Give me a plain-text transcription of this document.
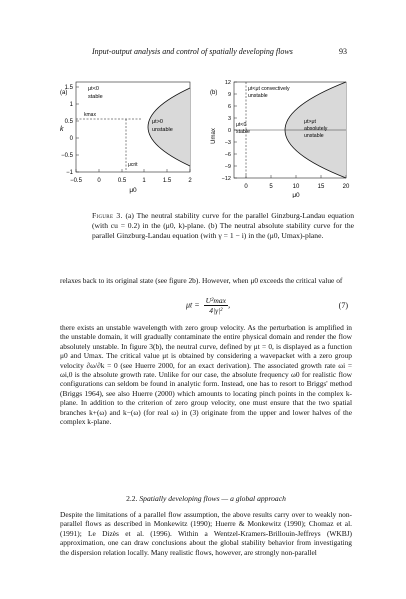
Input-output analysis and control of spatially developing flows	93
−0.5	0	0.5	1	1.5	2
1.5
1
0.5
0
−0.5
−1
(a)
k
μ0
μt<0
stable
μt>0
unstable
kmax
μcrit
0	5	10	15	20
12
9
6
3
0
−3
−6
−9
−12
(b)
Umax
μ0
μt<μt convectively
unstable
μt<0
stable
μt>μt
absolutely
unstable
Figure 3. (a) The neutral stability curve for the parallel Ginzburg-Landau equation (with cu = 0.2) in the (μ0, k)-plane. (b) The neutral absolute stability curve for the parallel Ginzburg-Landau equation (with γ = 1 − i) in the (μ0, Umax)-plane.
relaxes back to its original state (see figure 2b). However, when μ0 exceeds the critical value of
$\mu t = \frac{\text{U²max}}{\text{4|γ|²}}$ ,	(7)
there exists an unstable wavelength with zero group velocity. As the perturbation is amplified in the unstable domain, it will gradually contaminate the entire physical domain and render the flow absolutely unstable. In figure 3(b), the neutral curve, defined by μt = 0, is displayed as a function μ0 and Umax. The critical value μt is obtained by considering a wavepacket with a zero group velocity ∂ω/∂k = 0 (see Huerre 2000, for an exact derivation). The associated growth rate ωi = ωi,0 is the absolute growth rate. Unlike for our case, the absolute frequency ω0 for realistic flow configurations can seldom be found in analytic form. Instead, one has to resort to Briggs' method (Briggs 1964), see also Huerre (2000) which amounts to locating pinch points in the complex k-plane. In addition to the criterion of zero group velocity, one must ensure that the two spatial branches k+(ω) and k−(ω) (for real ω) in (3) originate from the upper and lower halves of the complex k-plane.
2.2. Spatially developing flows — a global approach
Despite the limitations of a parallel flow assumption, the above results carry over to weakly non-parallel flows as described in Monkewitz (1990); Huerre & Monkewitz (1990); Chomaz et al. (1991); Le Dizès et al. (1996). Within a Wentzel-Kramers-Brillouin-Jeffreys (WKBJ) approximation, one can draw conclusions about the global stability behavior from investigating the dispersion relation locally. Many realistic flows, however, are strongly non-parallel
